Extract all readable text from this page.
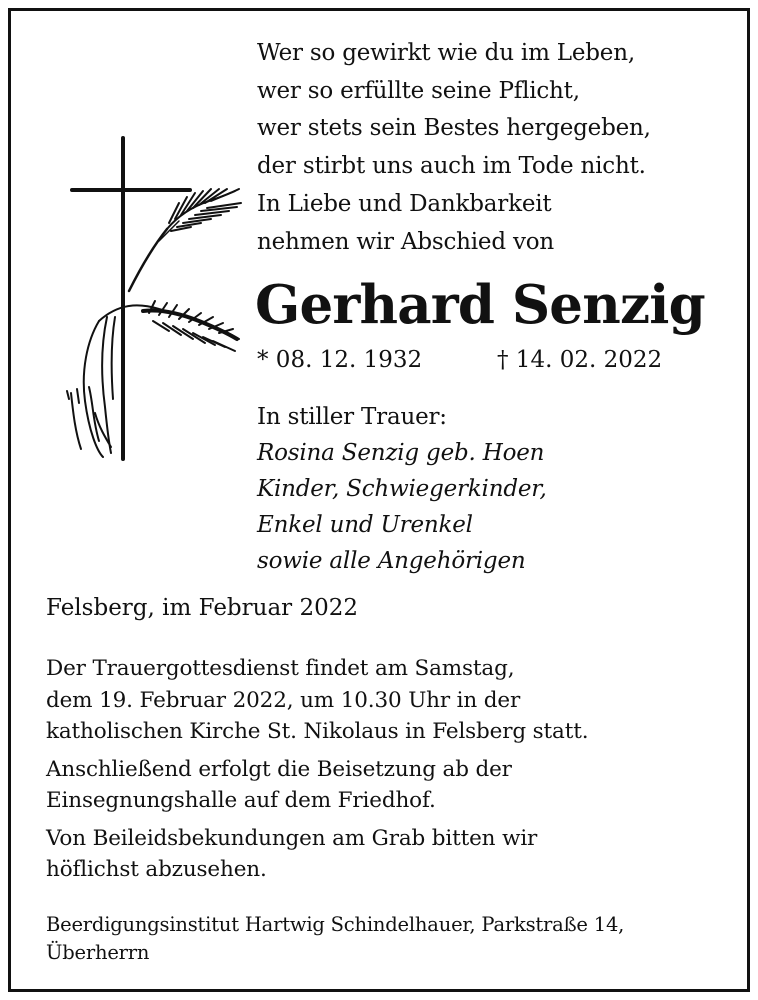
Wer so gewirkt wie du im Leben,
wer so erfüllte seine Pflicht,
wer stets sein Bestes hergegeben,
der stirbt uns auch im Tode nicht.
In Liebe und Dankbarkeit
nehmen wir Abschied von
Gerhard Senzig
* 08. 12. 1932	† 14. 02. 2022
In stiller Trauer:
Rosina Senzig geb. Hoen
Kinder, Schwiegerkinder,
Enkel und Urenkel
sowie alle Angehörigen
Felsberg, im Februar 2022

Der Trauergottesdienst findet am Samstag,
dem 19. Februar 2022, um 10.30 Uhr in der
katholischen Kirche St. Nikolaus in Felsberg statt.

Anschließend erfolgt die Beisetzung ab der
Einsegnungshalle auf dem Friedhof.

Von Beileidsbekundungen am Grab bitten wir
höflichst abzusehen.

Beerdigungsinstitut Hartwig Schindelhauer, Parkstraße 14,
Überherrn
